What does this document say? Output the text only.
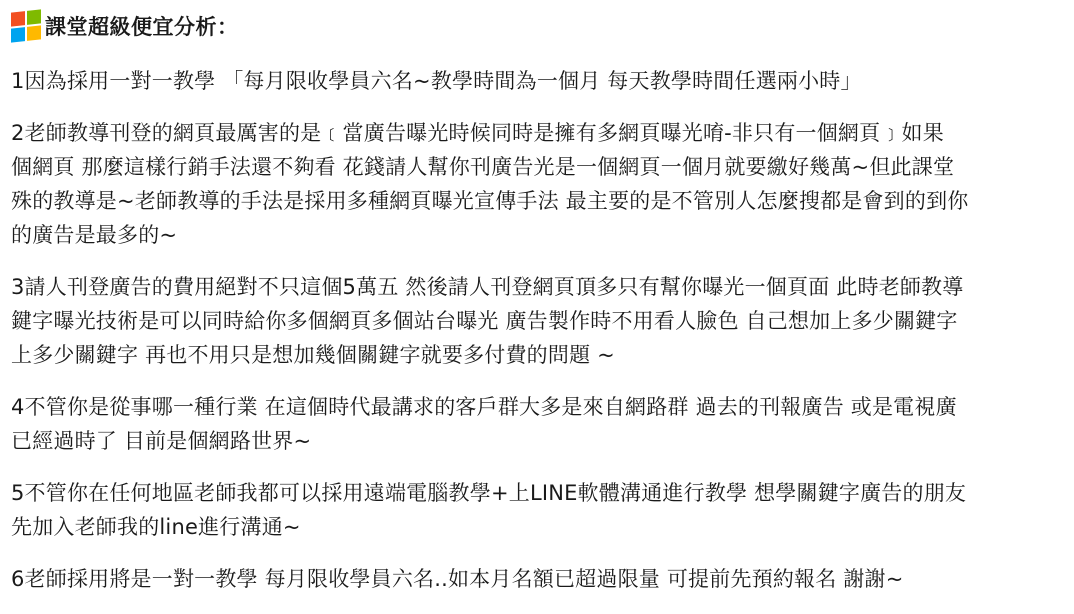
課堂超級便宜分析：
1因為採用一對一教學 「每月限收學員六名~教學時間為一個月 每天教學時間任選兩小時」
2老師教導刊登的網頁最厲害的是﹝當廣告曝光時候同時是擁有多網頁曝光唷-非只有一個網頁﹞如果
個網頁 那麼這樣行銷手法還不夠看 花錢請人幫你刊廣告光是一個網頁一個月就要繳好幾萬~但此課堂
殊的教導是~老師教導的手法是採用多種網頁曝光宣傳手法 最主要的是不管別人怎麼搜都是會到的到你
的廣告是最多的~
3請人刊登廣告的費用絕對不只這個5萬五 然後請人刊登網頁頂多只有幫你曝光一個頁面 此時老師教導
鍵字曝光技術是可以同時給你多個網頁多個站台曝光 廣告製作時不用看人臉色 自己想加上多少關鍵字
上多少關鍵字 再也不用只是想加幾個關鍵字就要多付費的問題 ~
4不管你是從事哪一種行業 在這個時代最講求的客戶群大多是來自網路群 過去的刊報廣告 或是電視廣
已經過時了 目前是個網路世界~
5不管你在任何地區老師我都可以採用遠端電腦教學+上LINE軟體溝通進行教學 想學關鍵字廣告的朋友
先加入老師我的line進行溝通~
6老師採用將是一對一教學 每月限收學員六名..如本月名額已超過限量 可提前先預約報名 謝謝~
